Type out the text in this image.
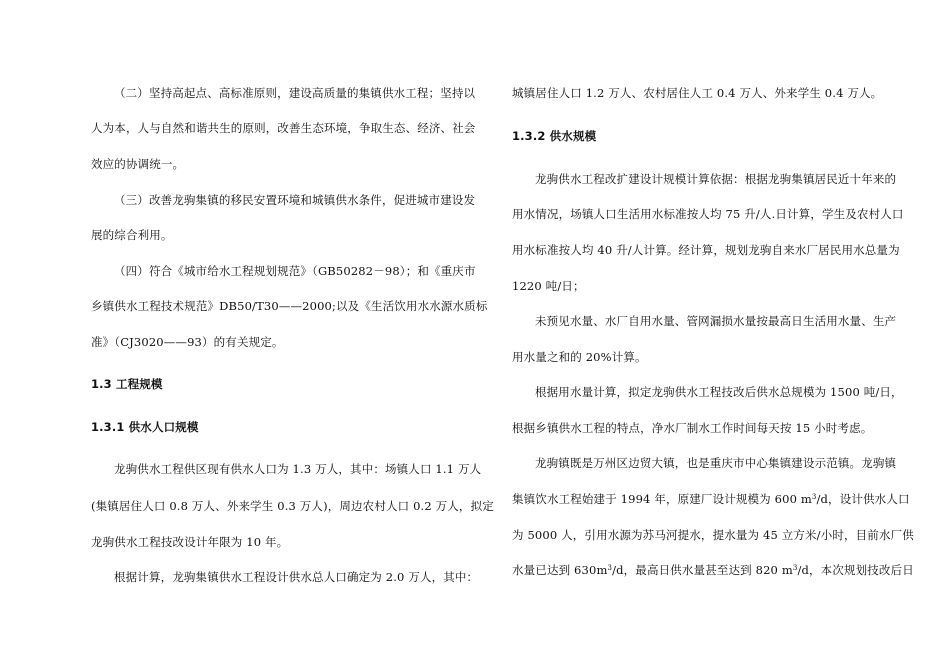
（二）坚持高起点、高标准原则，建设高质量的集镇供水工程；坚持以
人为本，人与自然和谐共生的原则，改善生态环境，争取生态、经济、社会
效应的协调统一。
（三）改善龙驹集镇的移民安置环境和城镇供水条件，促进城市建设发
展的综合利用。
（四）符合《城市给水工程规划规范》（GB50282－98）；和《重庆市
乡镇供水工程技术规范》DB50/T30——2000;以及《生活饮用水水源水质标
准》（CJ3020——93）的有关规定。
1.3 工程规模
1.3.1 供水人口规模
龙驹供水工程供区现有供水人口为 1.3 万人，其中：场镇人口 1.1 万人
(集镇居住人口 0.8 万人、外来学生 0.3 万人)，周边农村人口 0.2 万人，拟定
龙驹供水工程技改设计年限为 10 年。
根据计算，龙驹集镇供水工程设计供水总人口确定为 2.0 万人，其中：
城镇居住人口 1.2 万人、农村居住人工 0.4 万人、外来学生 0.4 万人。
1.3.2 供水规模
龙驹供水工程改扩建设计规模计算依据：根据龙驹集镇居民近十年来的
用水情况，场镇人口生活用水标准按人均 75 升/人.日计算，学生及农村人口
用水标准按人均 40 升/人计算。经计算，规划龙驹自来水厂居民用水总量为
1220 吨/日；
未预见水量、水厂自用水量、管网漏损水量按最高日生活用水量、生产
用水量之和的 20%计算。
根据用水量计算，拟定龙驹供水工程技改后供水总规模为 1500 吨/日，
根据乡镇供水工程的特点，净水厂制水工作时间每天按 15 小时考虑。
龙驹镇既是万州区边贸大镇，也是重庆市中心集镇建设示范镇。龙驹镇
集镇饮水工程始建于 1994 年，原建厂设计规模为 600 $m^3/d$，设计供水人口
为 5000 人，引用水源为苏马河提水，提水量为 45 立方米/小时，目前水厂供
水量已达到 $630m^3/d$，最高日供水量甚至达到 820 $m^3/d$，本次规划技改后日
